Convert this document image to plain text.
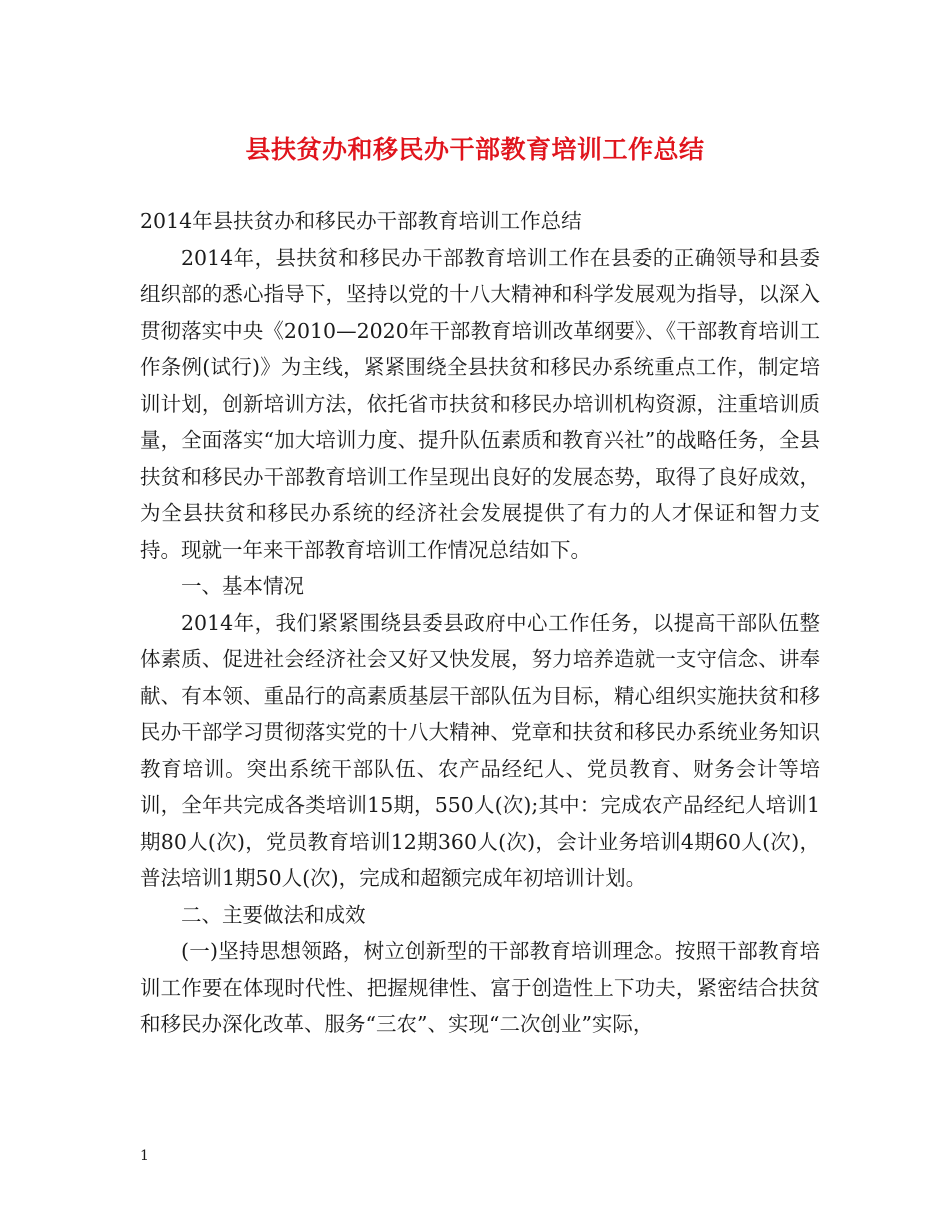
县扶贫办和移民办干部教育培训工作总结

2014年县扶贫办和移民办干部教育培训工作总结

2014年，县扶贫和移民办干部教育培训工作在县委的正确领导和县委组织部的悉心指导下，坚持以党的十八大精神和科学发展观为指导，以深入贯彻落实中央《2010—2020年干部教育培训改革纲要》、《干部教育培训工作条例(试行)》为主线，紧紧围绕全县扶贫和移民办系统重点工作，制定培训计划，创新培训方法，依托省市扶贫和移民办培训机构资源，注重培训质量，全面落实“加大培训力度、提升队伍素质和教育兴社”的战略任务，全县扶贫和移民办干部教育培训工作呈现出良好的发展态势，取得了良好成效，为全县扶贫和移民办系统的经济社会发展提供了有力的人才保证和智力支持。现就一年来干部教育培训工作情况总结如下。

一、基本情况

2014年，我们紧紧围绕县委县政府中心工作任务，以提高干部队伍整体素质、促进社会经济社会又好又快发展，努力培养造就一支守信念、讲奉献、有本领、重品行的高素质基层干部队伍为目标，精心组织实施扶贫和移民办干部学习贯彻落实党的十八大精神、党章和扶贫和移民办系统业务知识教育培训。突出系统干部队伍、农产品经纪人、党员教育、财务会计等培训，全年共完成各类培训15期，550人(次);其中：完成农产品经纪人培训1期80人(次)，党员教育培训12期360人(次)，会计业务培训4期60人(次)，普法培训1期50人(次)，完成和超额完成年初培训计划。

二、主要做法和成效

(一)坚持思想领路，树立创新型的干部教育培训理念。按照干部教育培训工作要在体现时代性、把握规律性、富于创造性上下功夫，紧密结合扶贫和移民办深化改革、服务“三农”、实现“二次创业”实际，

1
